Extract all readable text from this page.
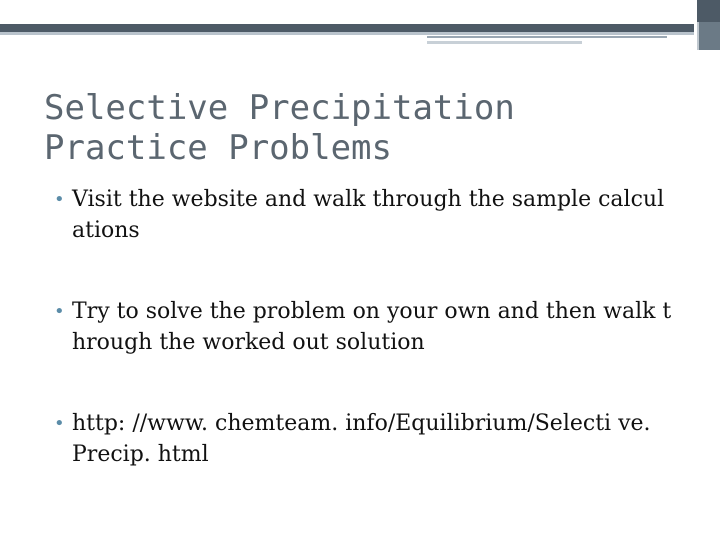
Selective Precipitation Practice Problems
• Visit the website and walk through the sample calculations
• Try to solve the problem on your own and then walk through the worked out solution
• http: //www. chemteam. info/Equilibrium/Selecti ve. Precip. html
